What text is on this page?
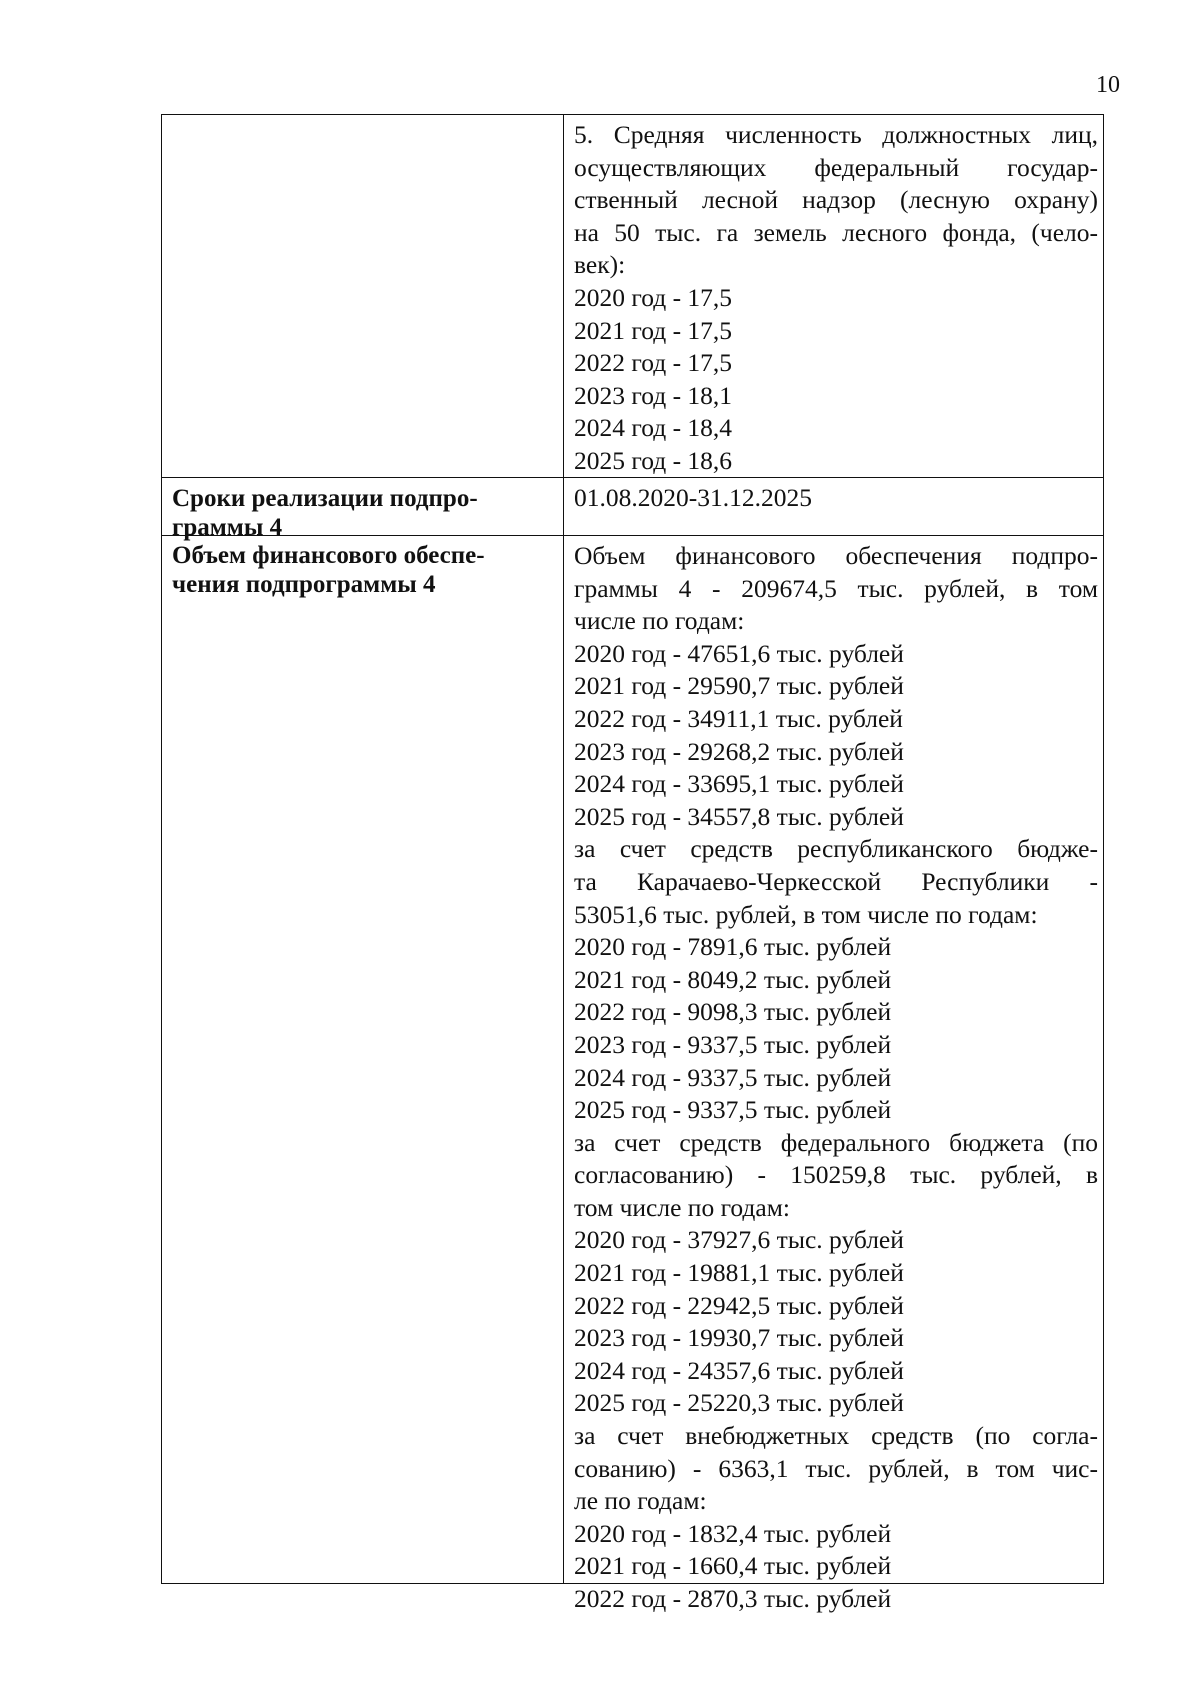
10
5. Средняя численность должностных лиц,
осуществляющих федеральный государ-
ственный лесной надзор (лесную охрану)
на 50 тыс. га земель лесного фонда, (чело-
век):
2020 год - 17,5
2021 год - 17,5
2022 год - 17,5
2023 год - 18,1
2024 год - 18,4
2025 год - 18,6
Сроки реализации подпро-
граммы 4
01.08.2020-31.12.2025
Объем финансового обеспе-
чения подпрограммы 4
Объем финансового обеспечения подпро-
граммы 4 - 209674,5 тыс. рублей, в том
числе по годам:
2020 год - 47651,6 тыс. рублей
2021 год - 29590,7 тыс. рублей
2022 год - 34911,1 тыс. рублей
2023 год - 29268,2 тыс. рублей
2024 год - 33695,1 тыс. рублей
2025 год - 34557,8 тыс. рублей
за счет средств республиканского бюдже-
та Карачаево-Черкесской Республики -
53051,6 тыс. рублей, в том числе по годам:
2020 год - 7891,6 тыс. рублей
2021 год - 8049,2 тыс. рублей
2022 год - 9098,3 тыс. рублей
2023 год - 9337,5 тыс. рублей
2024 год - 9337,5 тыс. рублей
2025 год - 9337,5 тыс. рублей
за счет средств федерального бюджета (по
согласованию) - 150259,8 тыс. рублей, в
том числе по годам:
2020 год - 37927,6 тыс. рублей
2021 год - 19881,1 тыс. рублей
2022 год - 22942,5 тыс. рублей
2023 год - 19930,7 тыс. рублей
2024 год - 24357,6 тыс. рублей
2025 год - 25220,3 тыс. рублей
за счет внебюджетных средств (по согла-
сованию) - 6363,1 тыс. рублей, в том чис-
ле по годам:
2020 год - 1832,4 тыс. рублей
2021 год - 1660,4 тыс. рублей
2022 год - 2870,3 тыс. рублей
